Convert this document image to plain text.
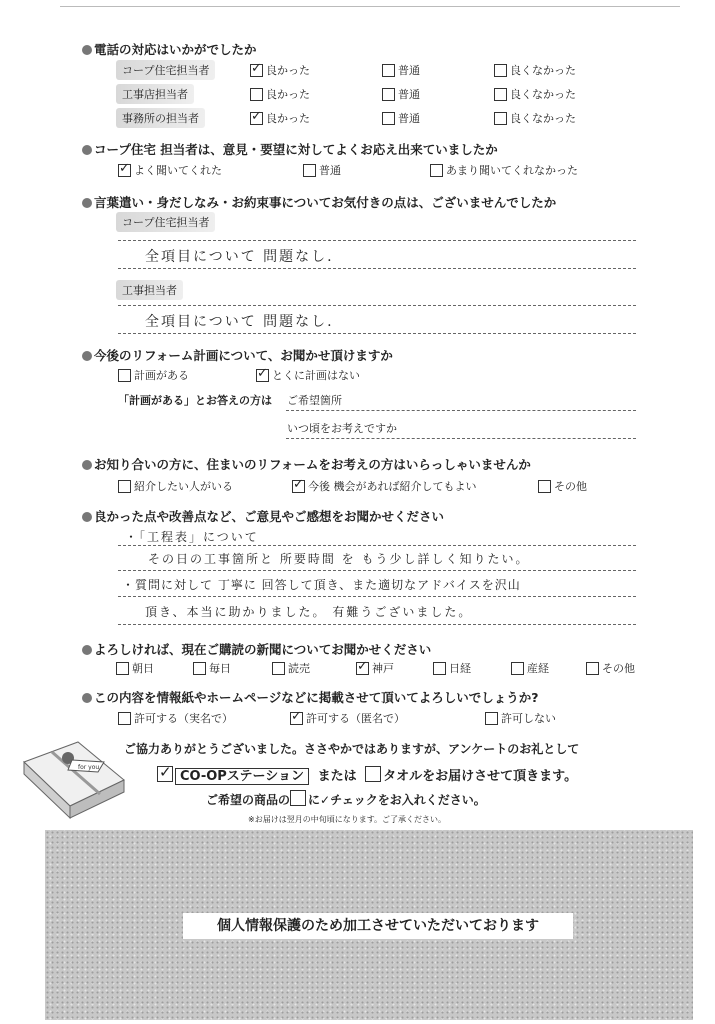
電話の対応はいかがでしたか
コープ住宅担当者 ✓	良かった	普通	良くなかった
工事店担当者	良かった	普通	良くなかった
事務所の担当者 ✓	良かった	普通	良くなかった
コープ住宅 担当者は、意見・要望に対してよくお応え出来ていましたか
✓
よく聞いてくれた	普通	あまり聞いてくれなかった
言葉遣い・身だしなみ・お約束事についてお気付きの点は、ございませんでしたか
コープ住宅担当者
全項目について 問題なし.
工事担当者
全項目について 問題なし.
今後のリフォーム計画について、お聞かせ頂けますか
計画がある ✓	とくに計画はない
「計画がある」とお答えの方は ご希望箇所
いつ頃をお考えですか
お知り合いの方に、住まいのリフォームをお考えの方はいらっしゃいませんか
紹介したい人がいる ✓	今後 機会があれば紹介してもよい	その他
良かった点や改善点など、ご意見やご感想をお聞かせください
・「工程表」について
その日の工事箇所と 所要時間 を もう少し詳しく知りたい。
・質問に対して 丁寧に 回答して頂き、また適切なアドバイスを沢山
頂き、本当に助かりました。 有難うございました。
よろしければ、現在ご購読の新聞についてお聞かせください
朝日	毎日	読売 ✓	神戸	日経	産経	その他
この内容を情報紙やホームページなどに掲載させて頂いてよろしいでしょうか?
許可する（実名で） ✓	許可する（匿名で）	許可しない
for you
ご協力ありがとうございました。ささやかではありますが、アンケートのお礼として
✓CO-OPステーション または タオルをお届けさせて頂きます。
ご希望の商品の に✓チェックをお入れください。
※お届けは翌月の中旬頃になります。ご了承ください。
個人情報保護のため加工させていただいております
